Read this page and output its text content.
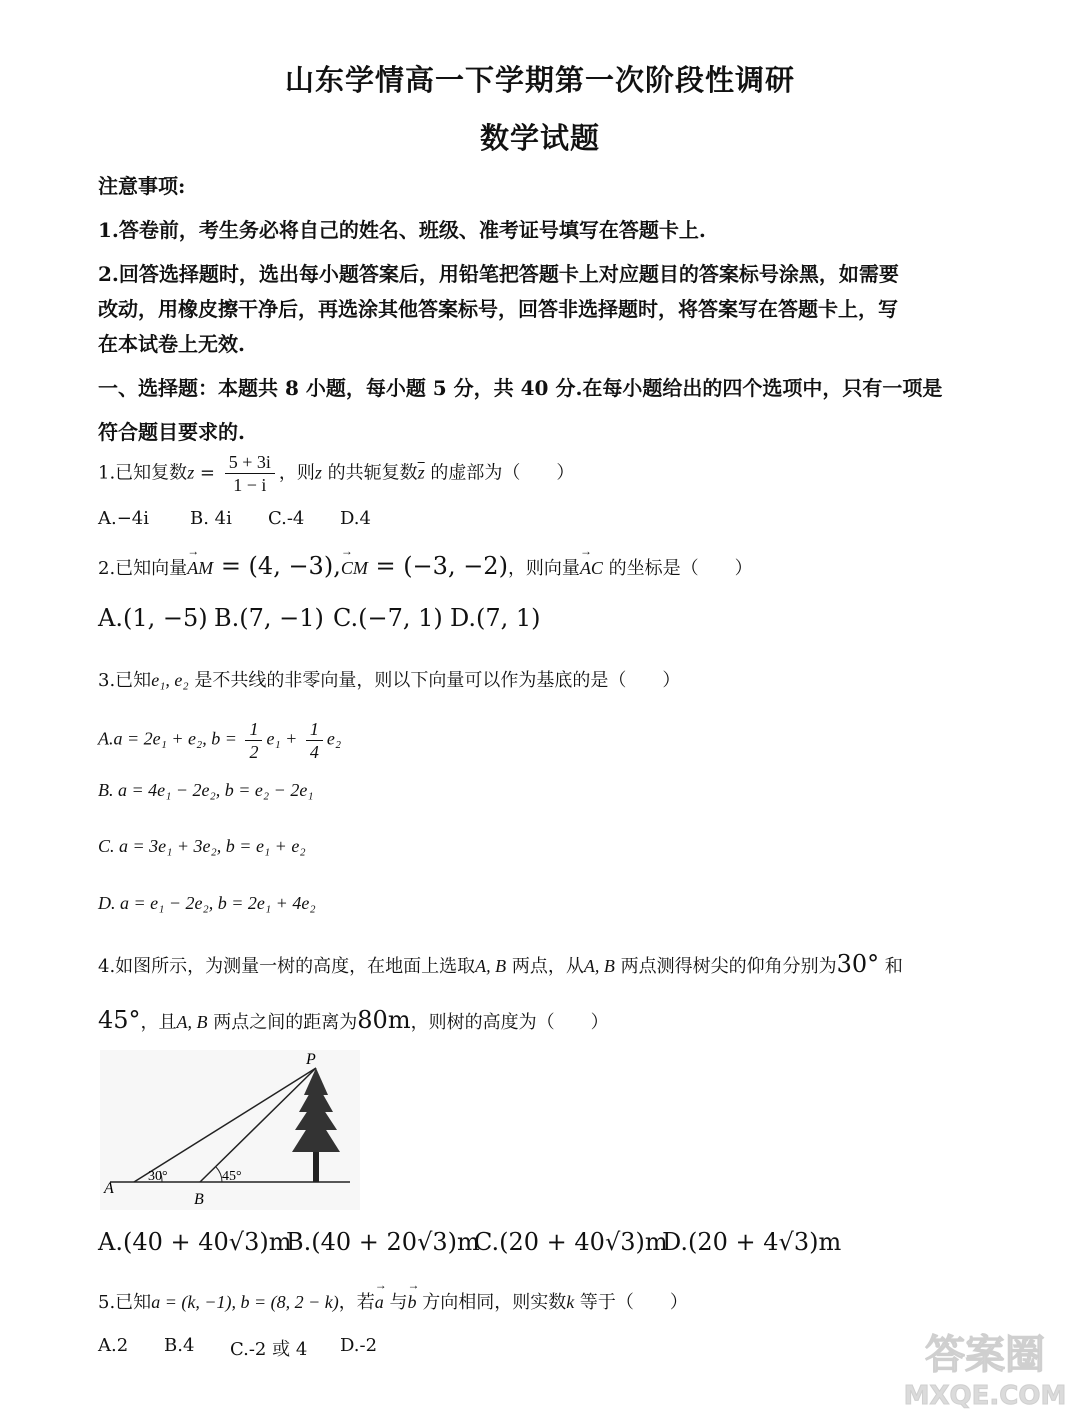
山东学情高一下学期第一次阶段性调研
数学试题
注意事项:
1.答卷前，考生务必将自己的姓名、班级、准考证号填写在答题卡上.
2.回答选择题时，选出每小题答案后，用铅笔把答题卡上对应题目的答案标号涂黑，如需要
改动，用橡皮擦干净后，再选涂其他答案标号，回答非选择题时，将答案写在答题卡上，写
在本试卷上无效.
一、选择题：本题共 8 小题，每小题 5 分，共 40 分.在每小题给出的四个选项中，只有一项是
符合题目要求的.
1.已知复数$z = \frac{5 + 3i}{1 - i}$ ，则z 的共轭复数$\overline{z}$ 的虚部为（　　）
A.−4i B. 4i C.-4 D.4
2.已知向量→ AM = (4, −3),→ CM = (−3, −2)，则向量→ AC 的坐标是（　　）
A.(1, −5) B.(7, −1) C.(−7, 1) D.(7, 1)
3.已知e₁, e₂ 是不共线的非零向量，则以下向量可以作为基底的是（　　）
A.a = 2e₁ + e₂, $b = \frac{1}{2} e_1 + \frac{1}{4} e_2$
B. a = 4e₁ − 2e₂, b = e₂ − 2e₁
C. a = 3e₁ + 3e₂, b = e₁ + e₂
D. a = e₁ − 2e₂, b = 2e₁ + 4e₂
4.如图所示，为测量一树的高度，在地面上选取A, B 两点，从A, B 两点测得树尖的仰角分别为30° 和
45°，且A, B 两点之间的距离为80m，则树的高度为（　　）
A
B
P
30°	45°
A.(40 + 40√3)m
B.(40 + 20√3)m
C.(20 + 40√3)m
D.(20 + 4√3)m
5.已知a = (k, −1), b = (8, 2 − k)，若→ a 与→ b 方向相同，则实数k 等于（　　）
A.2 B.4 C.-2 或 4 D.-2	答案圈
MXQE.COM
